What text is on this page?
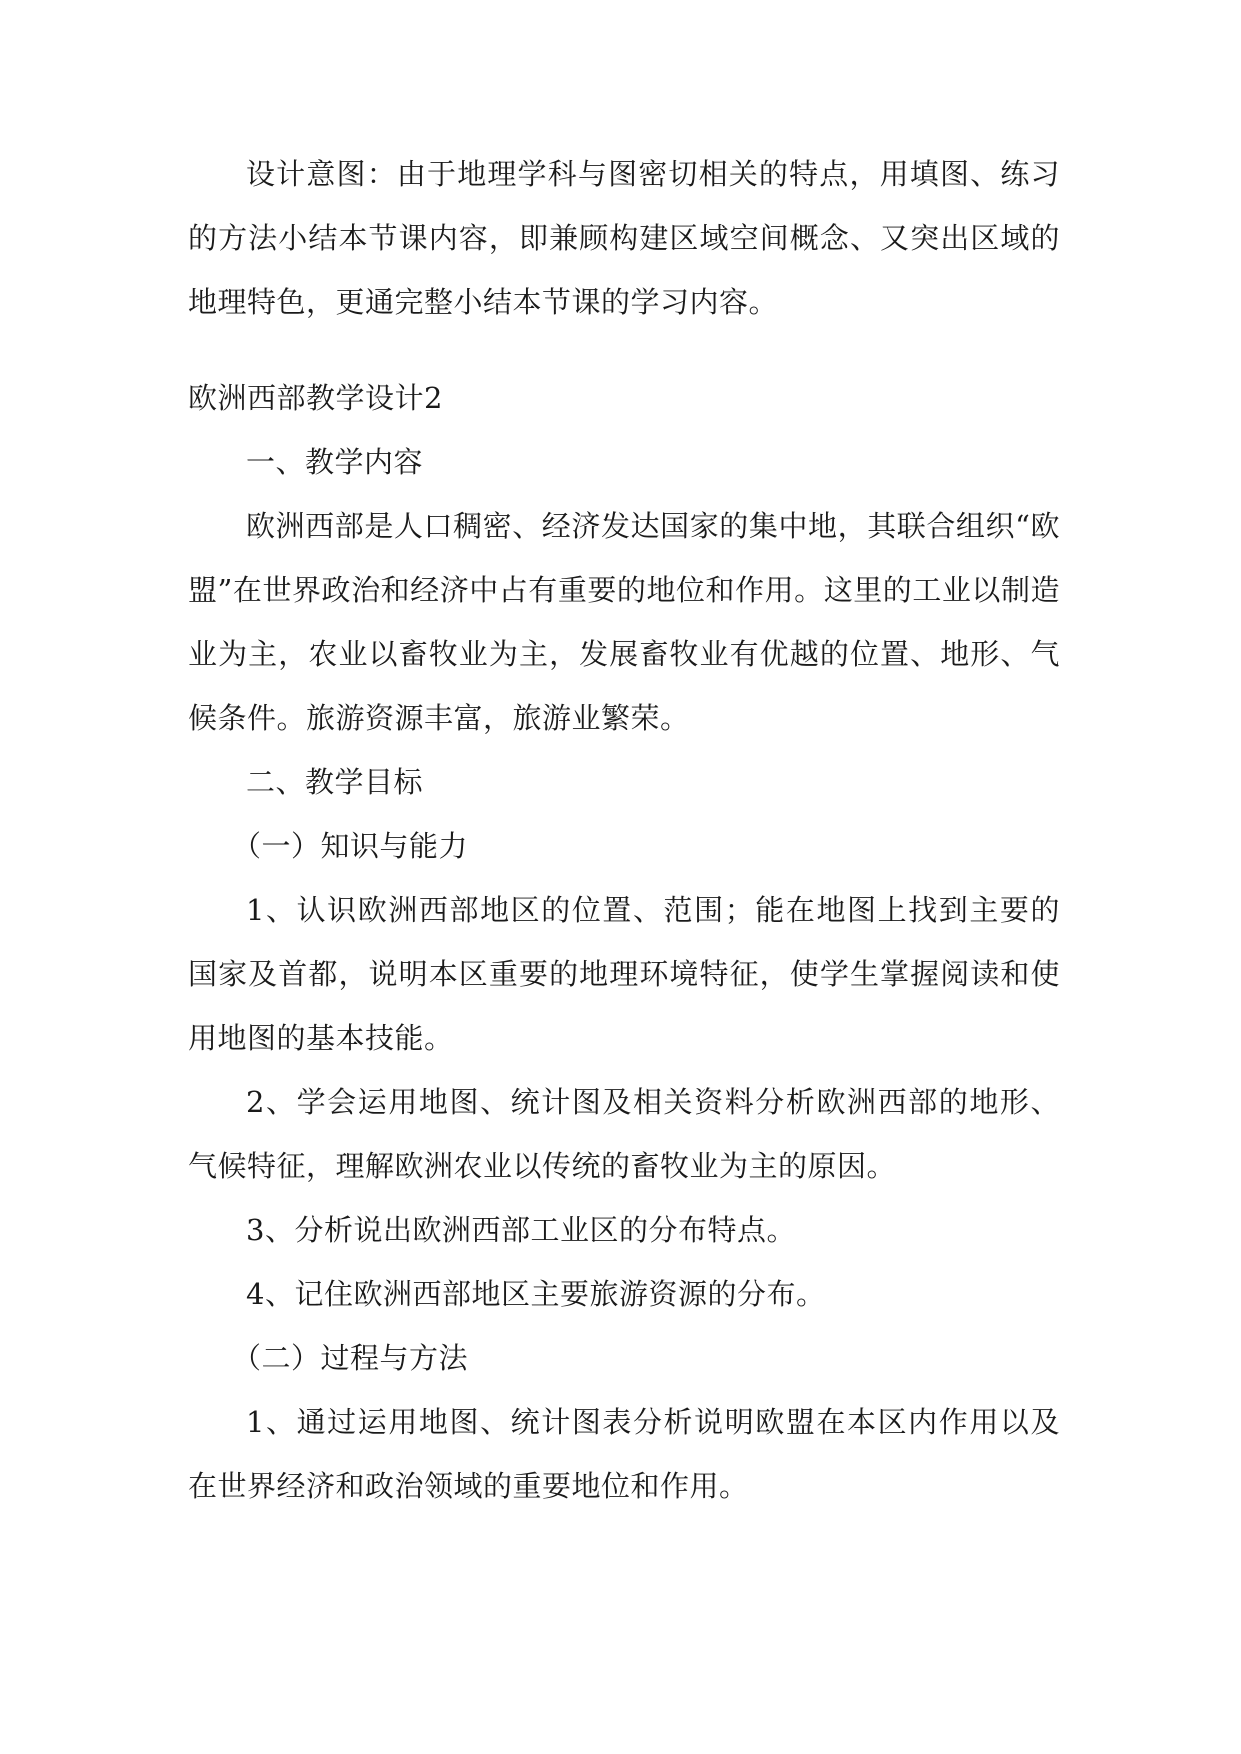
设计意图：由于地理学科与图密切相关的特点，用填图、练习的方法小结本节课内容，即兼顾构建区域空间概念、又突出区域的地理特色，更通完整小结本节课的学习内容。

欧洲西部教学设计2

一、教学内容

欧洲西部是人口稠密、经济发达国家的集中地，其联合组织“欧盟”在世界政治和经济中占有重要的地位和作用。这里的工业以制造业为主，农业以畜牧业为主，发展畜牧业有优越的位置、地形、气候条件。旅游资源丰富，旅游业繁荣。

二、教学目标

（一）知识与能力

1、认识欧洲西部地区的位置、范围；能在地图上找到主要的国家及首都，说明本区重要的地理环境特征，使学生掌握阅读和使用地图的基本技能。

2、学会运用地图、统计图及相关资料分析欧洲西部的地形、气候特征，理解欧洲农业以传统的畜牧业为主的原因。

3、分析说出欧洲西部工业区的分布特点。

4、记住欧洲西部地区主要旅游资源的分布。

（二）过程与方法

1、通过运用地图、统计图表分析说明欧盟在本区内作用以及在世界经济和政治领域的重要地位和作用。
